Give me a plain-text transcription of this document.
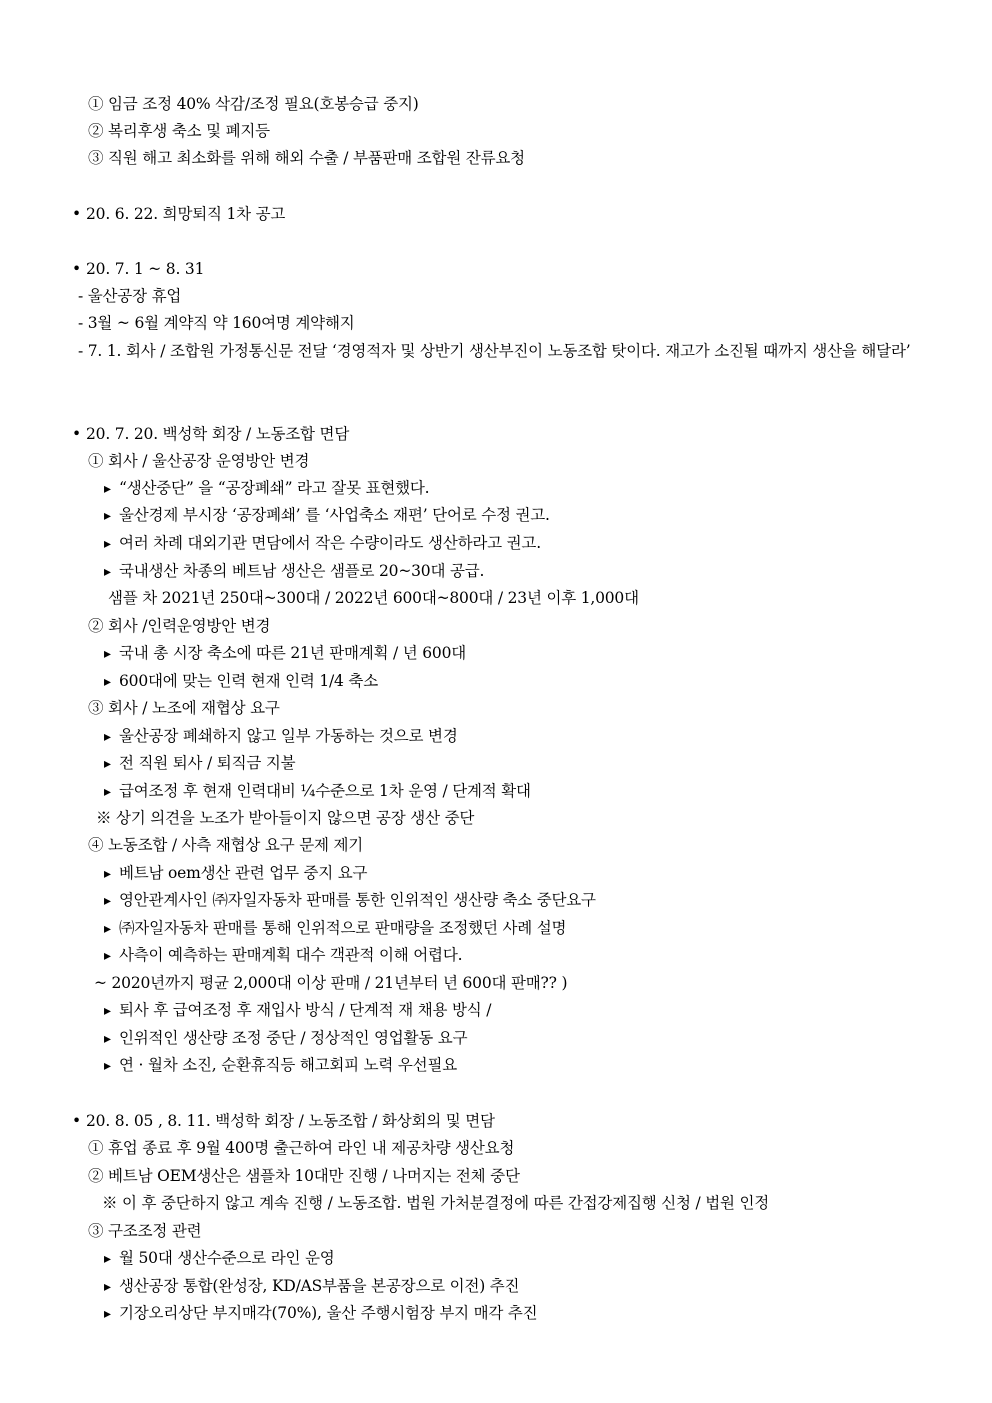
① 임금 조정 40% 삭감/조정 필요(호봉승급 중지)
② 복리후생 축소 및 폐지등
③ 직원 해고 최소화를 위해 해외 수출 / 부품판매 조합원 잔류요청
• 20. 6. 22. 희망퇴직 1차 공고
• 20. 7. 1 ~ 8. 31
- 울산공장 휴업
- 3월 ~ 6월 계약직 약 160여명 계약해지
- 7. 1. 회사 / 조합원 가정통신문 전달 ‘경영적자 및 상반기 생산부진이 노동조합 탓이다. 재고가 소진될 때까지 생산을 해달라’
• 20. 7. 20. 백성학 회장 / 노동조합 면담
① 회사 / 울산공장 운영방안 변경
▸ “생산중단” 을 “공장폐쇄” 라고 잘못 표현했다.
▸ 울산경제 부시장 ‘공장폐쇄’ 를 ‘사업축소 재편’ 단어로 수정 권고.
▸ 여러 차례 대외기관 면담에서 작은 수량이라도 생산하라고 권고.
▸ 국내생산 차종의 베트남 생산은 샘플로 20~30대 공급.
샘플 차 2021년 250대~300대 / 2022년 600대~800대 / 23년 이후 1,000대
② 회사 /인력운영방안 변경
▸ 국내 총 시장 축소에 따른 21년 판매계획 / 년 600대
▸ 600대에 맞는 인력 현재 인력 1/4 축소
③ 회사 / 노조에 재협상 요구
▸ 울산공장 폐쇄하지 않고 일부 가동하는 것으로 변경
▸ 전 직원 퇴사 / 퇴직금 지불
▸ 급여조정 후 현재 인력대비 ¼수준으로 1차 운영 / 단계적 확대
※ 상기 의견을 노조가 받아들이지 않으면 공장 생산 중단
④ 노동조합 / 사측 재협상 요구 문제 제기
▸ 베트남 oem생산 관련 업무 중지 요구
▸ 영안관계사인 ㈜자일자동차 판매를 통한 인위적인 생산량 축소 중단요구
▸ ㈜자일자동차 판매를 통해 인위적으로 판매량을 조정했던 사례 설명
▸ 사측이 예측하는 판매계획 대수 객관적 이해 어렵다.
~ 2020년까지 평균 2,000대 이상 판매 / 21년부터 년 600대 판매?? )
▸ 퇴사 후 급여조정 후 재입사 방식 / 단계적 재 채용 방식 /
▸ 인위적인 생산량 조정 중단 / 정상적인 영업활동 요구
▸ 연 · 월차 소진, 순환휴직등 해고회피 노력 우선필요
• 20. 8. 05 , 8. 11. 백성학 회장 / 노동조합 / 화상회의 및 면담
① 휴업 종료 후 9월 400명 출근하여 라인 내 제공차량 생산요청
② 베트남 OEM생산은 샘플차 10대만 진행 / 나머지는 전체 중단
※ 이 후 중단하지 않고 계속 진행 / 노동조합. 법원 가처분결정에 따른 간접강제집행 신청 / 법원 인정
③ 구조조정 관련
▸ 월 50대 생산수준으로 라인 운영
▸ 생산공장 통합(완성장, KD/AS부품을 본공장으로 이전) 추진
▸ 기장오리상단 부지매각(70%), 울산 주행시험장 부지 매각 추진
